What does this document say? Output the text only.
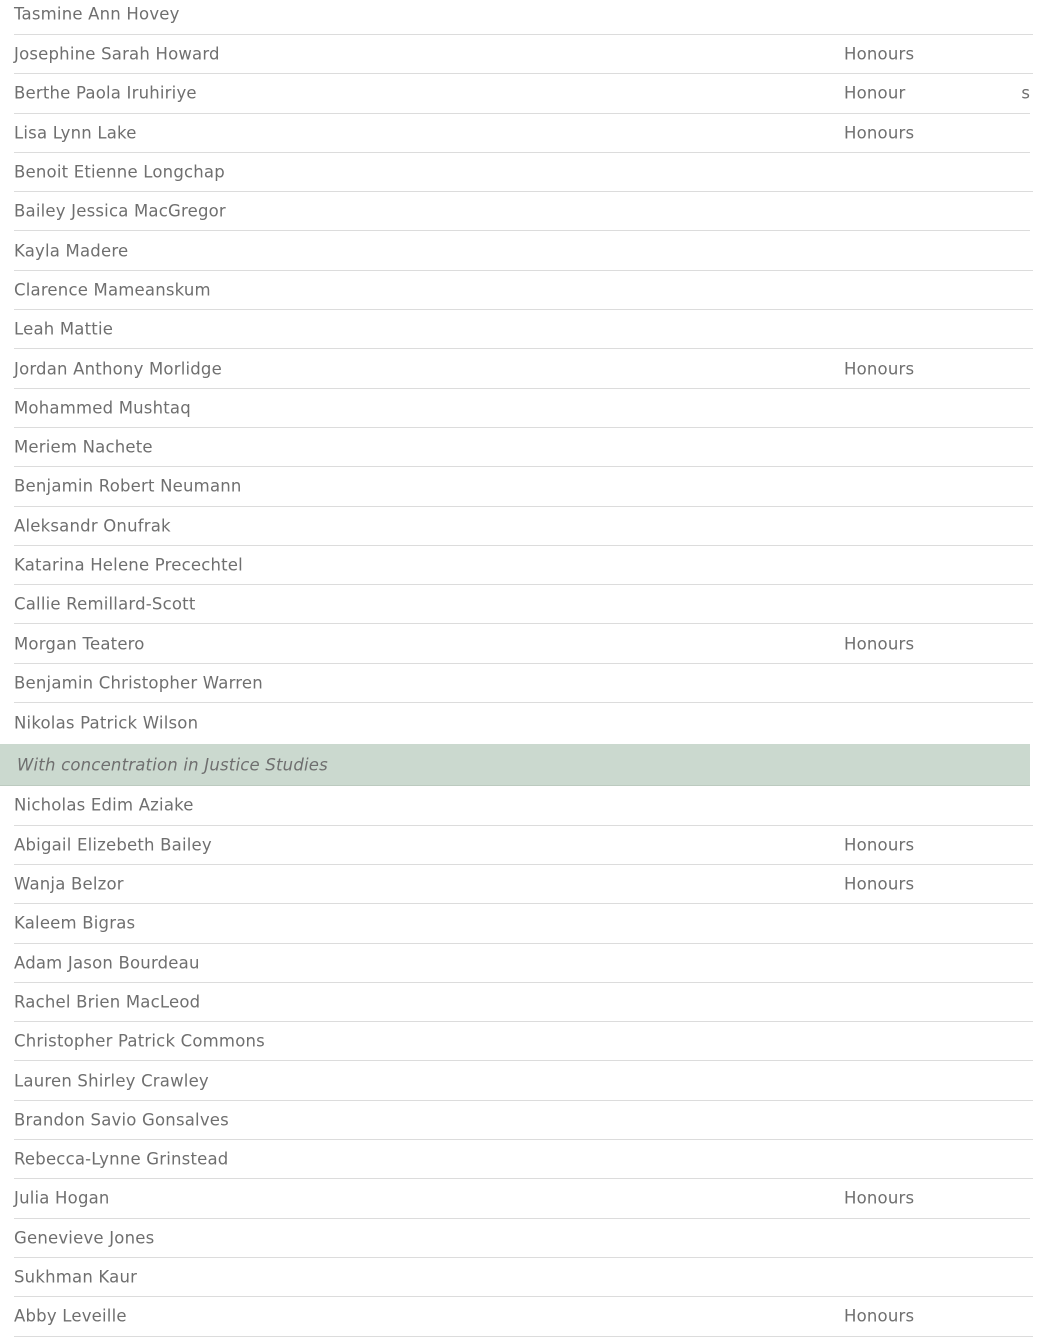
Tasmine Ann Hovey
Josephine Sarah Howard	Honours
Berthe Paola Iruhiriye	Honour	s
Lisa Lynn Lake	Honours
Benoit Etienne Longchap
Bailey Jessica MacGregor
Kayla Madere
Clarence Mameanskum
Leah Mattie
Jordan Anthony Morlidge	Honours
Mohammed Mushtaq
Meriem Nachete
Benjamin Robert Neumann
Aleksandr Onufrak
Katarina Helene Precechtel
Callie Remillard-Scott
Morgan Teatero	Honours
Benjamin Christopher Warren
Nikolas Patrick Wilson
With concentration in Justice Studies
Nicholas Edim Aziake
Abigail Elizebeth Bailey	Honours
Wanja Belzor	Honours
Kaleem Bigras
Adam Jason Bourdeau
Rachel Brien MacLeod
Christopher Patrick Commons
Lauren Shirley Crawley
Brandon Savio Gonsalves
Rebecca-Lynne Grinstead
Julia Hogan	Honours
Genevieve Jones
Sukhman Kaur
Abby Leveille	Honours
